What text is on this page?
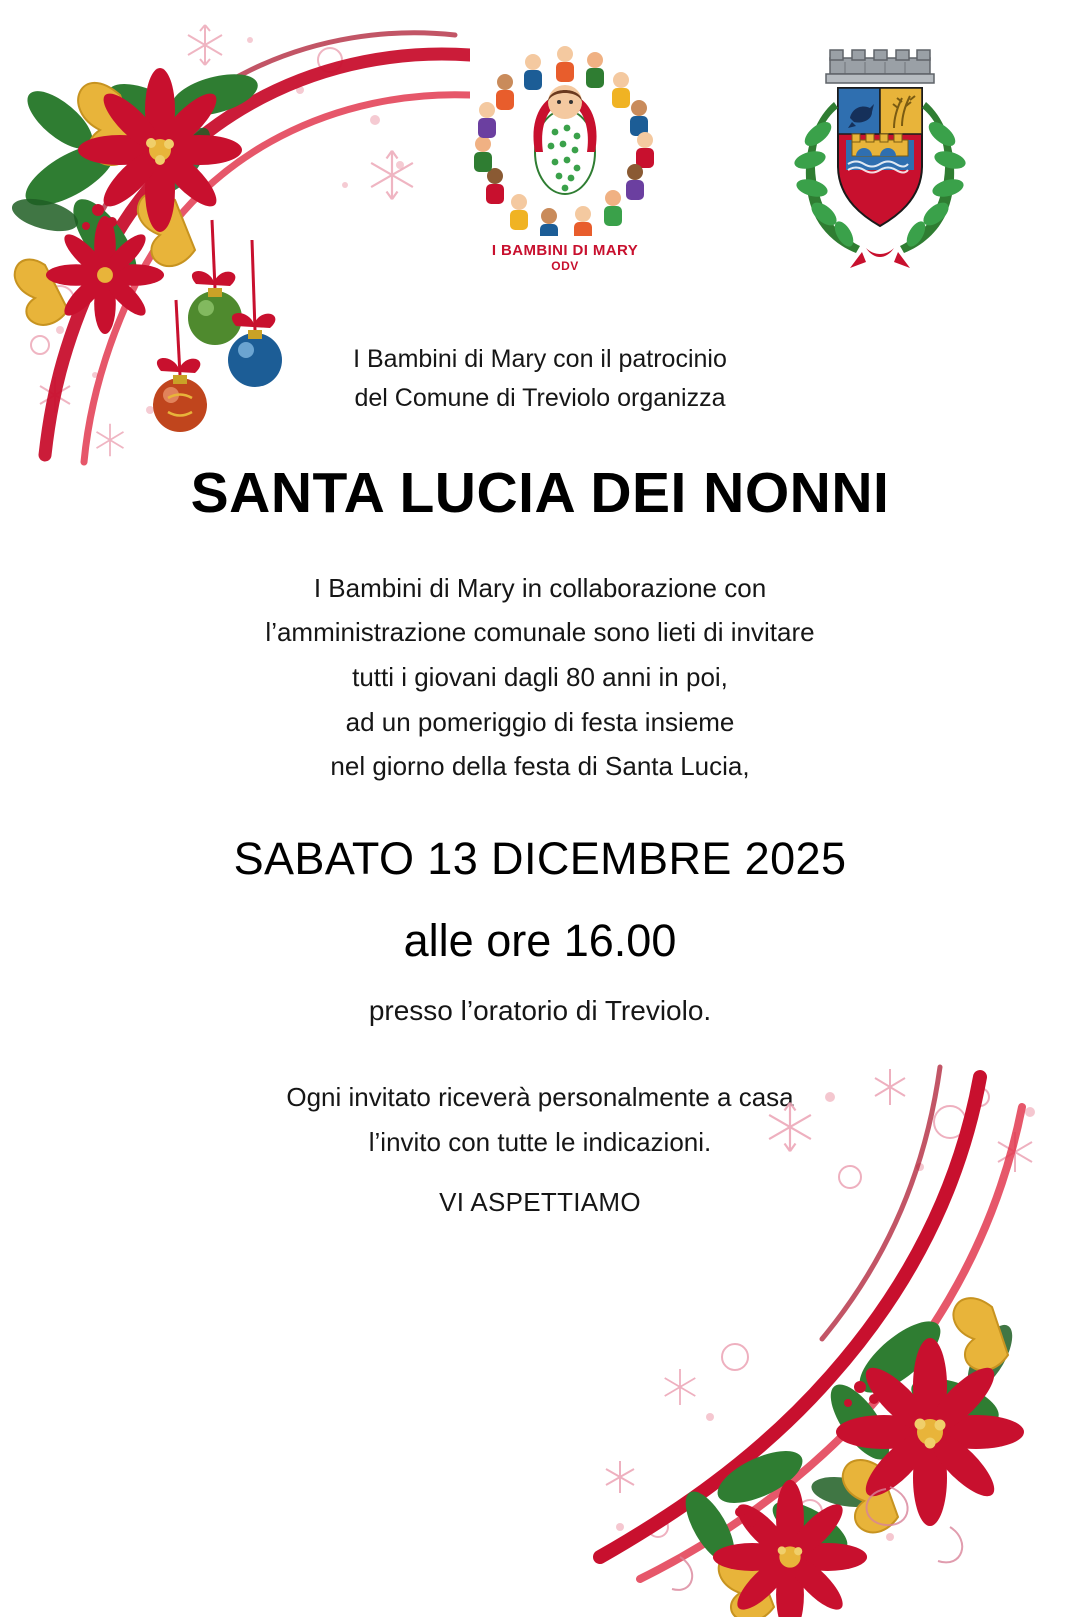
I BAMBINI DI MARY
ODV
I Bambini di Mary con il patrocinio
del Comune di Treviolo organizza
SANTA LUCIA DEI NONNI
I Bambini di Mary in collaborazione con
l’amministrazione comunale sono lieti di invitare
tutti i giovani dagli 80 anni in poi,
ad un pomeriggio di festa insieme
nel giorno della festa di Santa Lucia,
SABATO 13 DICEMBRE 2025
alle ore 16.00
presso l’oratorio di Treviolo.
Ogni invitato riceverà personalmente a casa
l’invito con tutte le indicazioni.
VI ASPETTIAMO
